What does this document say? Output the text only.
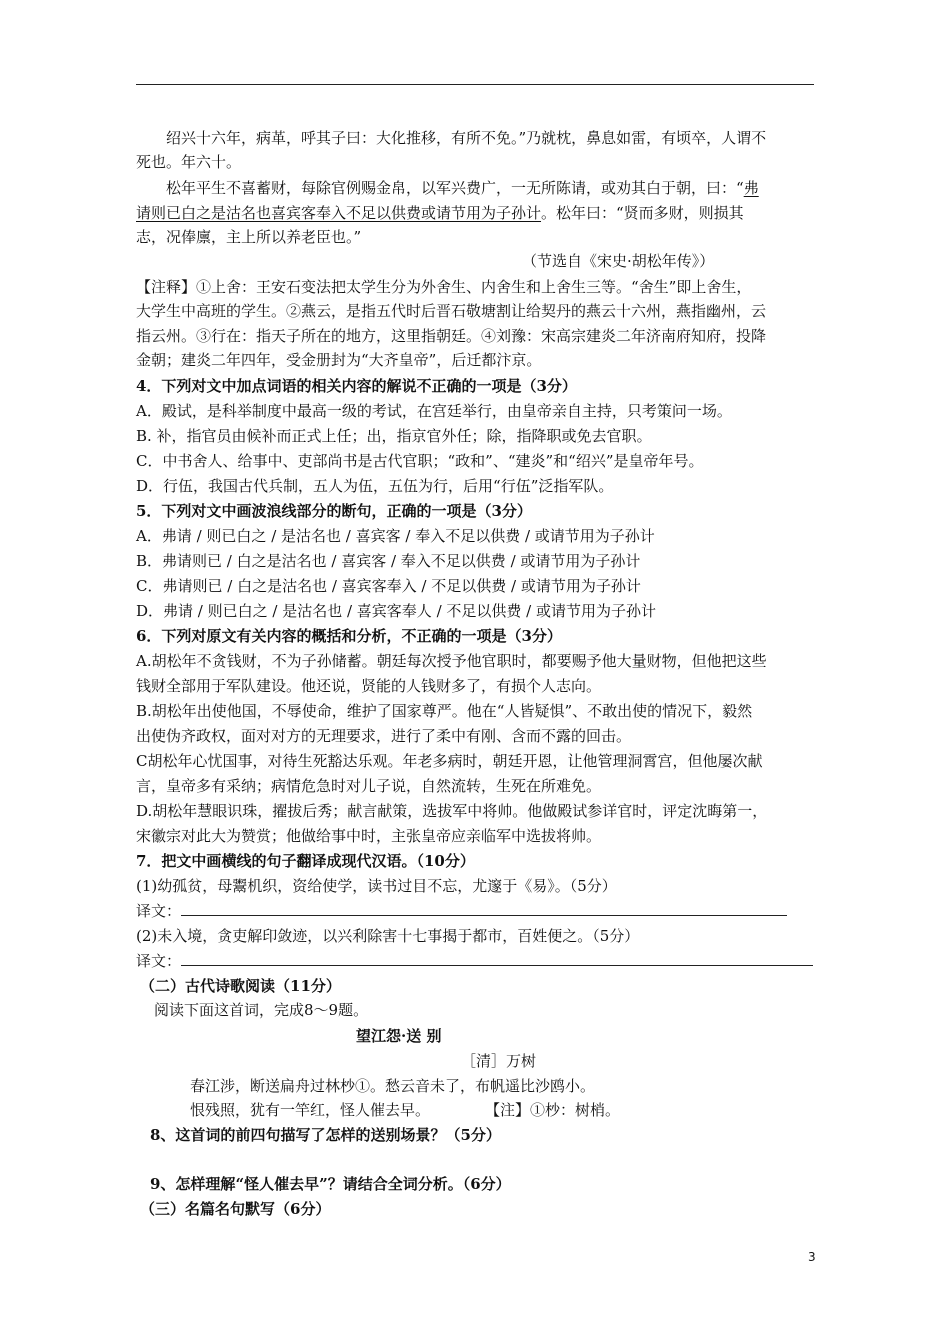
绍兴十六年，病革，呼其子曰：大化推移，有所不免。”乃就枕，鼻息如雷，有顷卒，人谓不
死也。年六十。
松年平生不喜蓄财，每除官例赐金帛，以军兴费广，一无所陈请，或劝其白于朝，曰：“弗
请则已白之是沽名也喜宾客奉入不足以供费或请节用为子孙计。松年曰：“贤而多财，则损其
志，况俸廪，主上所以养老臣也。”
（节选自《宋史·胡松年传》）
【注释】①上舍：王安石变法把太学生分为外舍生、内舍生和上舍生三等。“舍生”即上舍生，
大学生中高班的学生。②燕云，是指五代时后晋石敬塘割让给契丹的燕云十六州，燕指幽州，云
指云州。③行在：指天子所在的地方，这里指朝廷。④刘豫：宋高宗建炎二年济南府知府，投降
金朝；建炎二年四年，受金册封为“大齐皇帝”，后迁都汴京。
4．下列对文中加点词语的相关内容的解说不正确的一项是（3分）
A．殿试，是科举制度中最高一级的考试，在宫廷举行，由皇帝亲自主持，只考策问一场。
B. 补，指官员由候补而正式上任；出，指京官外任；除，指降职或免去官职。
C．中书舍人、给事中、吏部尚书是古代官职；“政和”、“建炎”和“绍兴”是皇帝年号。
D．行伍，我国古代兵制，五人为伍，五伍为行，后用“行伍”泛指军队。
5．下列对文中画波浪线部分的断句，正确的一项是（3分）
A．弗请 / 则已白之 / 是沽名也 / 喜宾客 / 奉入不足以供费 / 或请节用为子孙计
B．弗请则已 / 白之是沽名也 / 喜宾客 / 奉入不足以供费 / 或请节用为子孙计
C．弗请则已 / 白之是沽名也 / 喜宾客奉入 / 不足以供费 / 或请节用为子孙计
D．弗请 / 则已白之 / 是沽名也 / 喜宾客奉人 / 不足以供费 / 或请节用为子孙计
6．下列对原文有关内容的概括和分析，不正确的一项是（3分）
A.胡松年不贪钱财，不为子孙储蓄。朝廷每次授予他官职时，都要赐予他大量财物，但他把这些
钱财全部用于军队建设。他还说，贤能的人钱财多了，有损个人志向。
B.胡松年出使他国，不辱使命，维护了国家尊严。他在“人皆疑惧”、不敢出使的情况下，毅然
出使伪齐政权，面对对方的无理要求，进行了柔中有刚、含而不露的回击。
C胡松年心忧国事，对待生死豁达乐观。年老多病时，朝廷开恩，让他管理洞霄宫，但他屡次献
言，皇帝多有采纳；病情危急时对儿子说，自然流转，生死在所难免。
D.胡松年慧眼识珠，擢拔后秀；献言献策，选拔军中将帅。他做殿试参详官时，评定沈晦第一，
宋徽宗对此大为赞赏；他做给事中时，主张皇帝应亲临军中选拔将帅。
7．把文中画横线的句子翻译成现代汉语。（10分）
(1)幼孤贫，母鬻机织，资给使学，读书过目不忘，尤邃于《易》。（5分）
译文：
(2)未入境，贪吏解印敛迹，以兴利除害十七事揭于都市，百姓便之。（5分）
译文：
（二）古代诗歌阅读（11分）
阅读下面这首词，完成8～9题。
望江怨·送 别
［清］万树
春江涉，断送扁舟过林杪①。愁云音未了，布帆遥比沙鸥小。
恨残照，犹有一竿红，怪人催去早。	【注】①杪：树梢。
8、这首词的前四句描写了怎样的送别场景？（5分）
9、怎样理解“怪人催去早”？请结合全词分析。（6分）
（三）名篇名句默写（6分）
3
